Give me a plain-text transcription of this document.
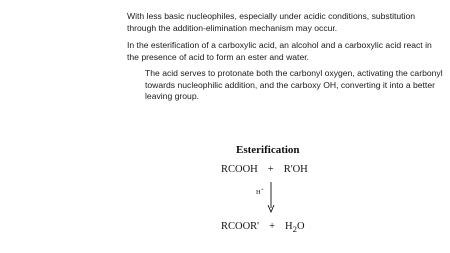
With less basic nucleophiles, especially under acidic conditions, substitution through the addition-elimination mechanism may occur.

In the esterification of a carboxylic acid, an alcohol and a carboxylic acid react in the presence of acid to form an ester and water.

The acid serves to protonate both the carbonyl oxygen, activating the carbonyl towards nucleophilic addition, and the carboxy OH, converting it into a better leaving group.

Esterification
RCOOH + R'OH
H+
RCOOR' + $H_2O$
